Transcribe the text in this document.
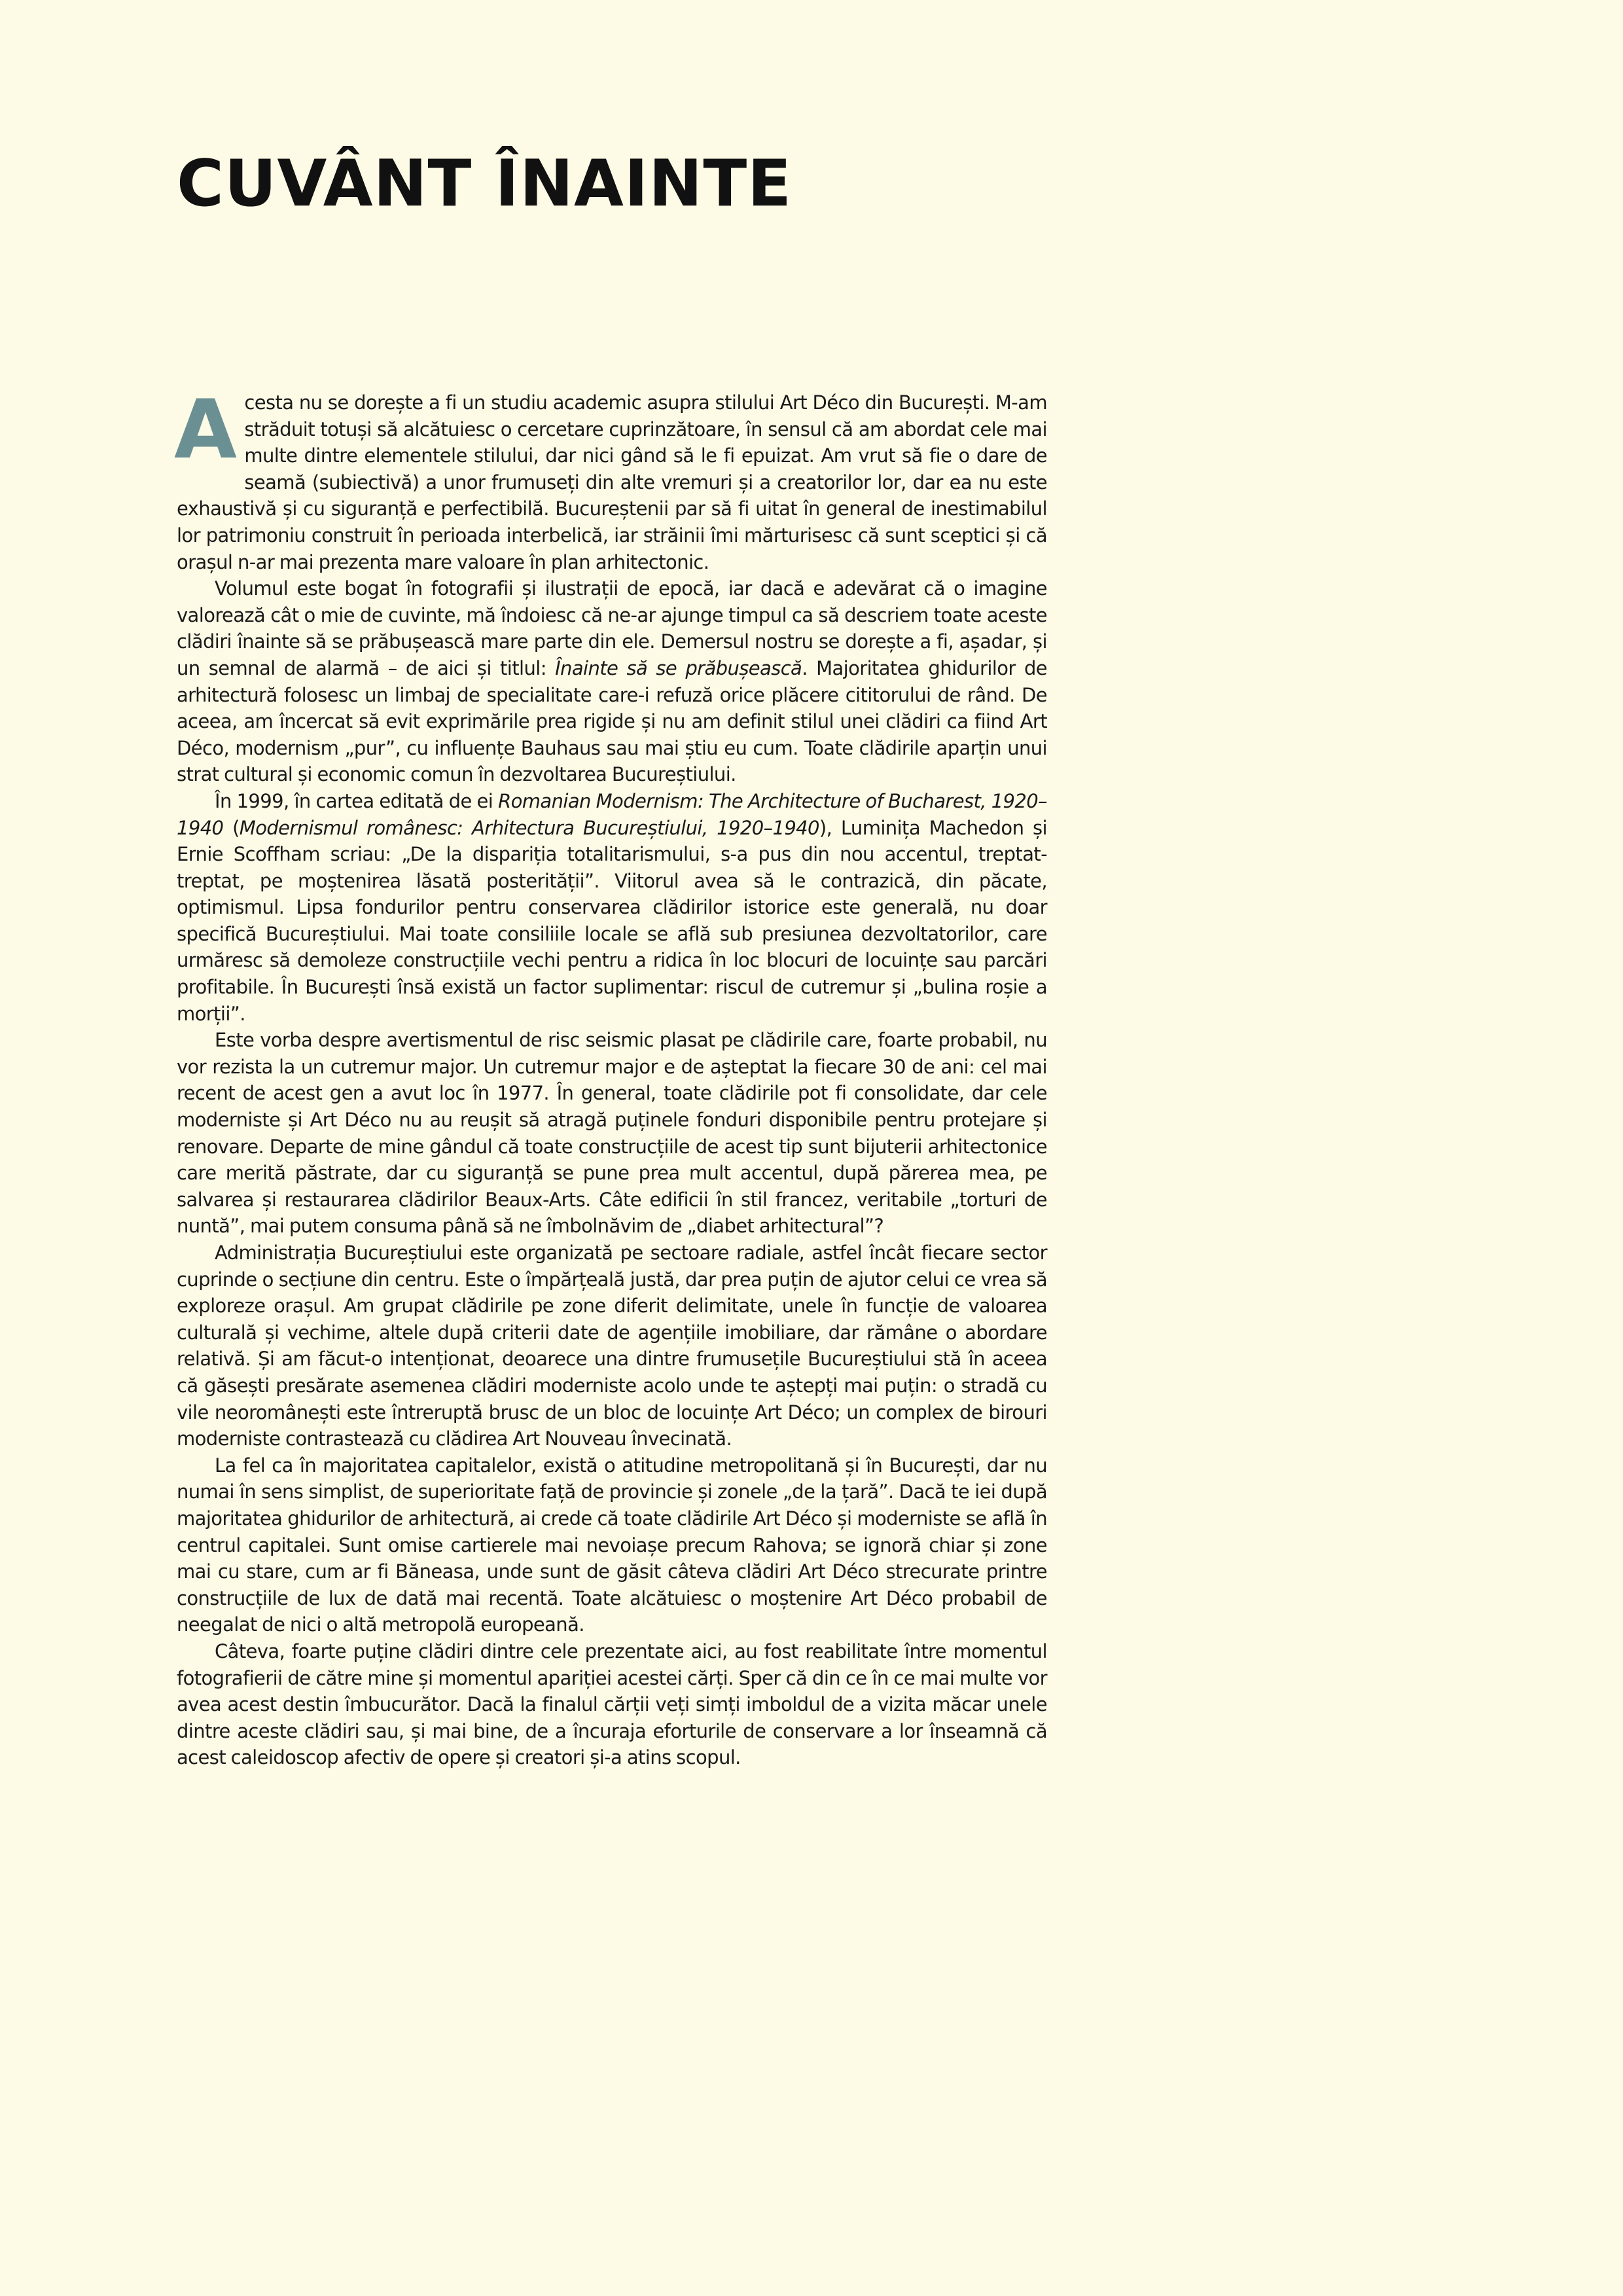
CUVÂNT ÎNAINTE

Acesta nu se dorește a fi un studiu academic asupra stilului Art Déco din București. M-am străduit totuși să alcătuiesc o cercetare cuprinzătoare, în sensul că am abordat cele mai multe dintre elementele stilului, dar nici gând să le fi epuizat. Am vrut să fie o dare de seamă (subiectivă) a unor frumuseți din alte vremuri și a creatorilor lor, dar ea nu este exhaustivă și cu siguranță e perfectibilă. Bucureștenii par să fi uitat în general de inestimabilul lor patrimoniu construit în perioada interbelică, iar străinii îmi mărturisesc că sunt sceptici și că orașul n-ar mai prezenta mare valoare în plan arhitectonic.

Volumul este bogat în fotografii și ilustrații de epocă, iar dacă e adevărat că o imagine valorează cât o mie de cuvinte, mă îndoiesc că ne-ar ajunge timpul ca să descriem toate aceste clădiri înainte să se prăbușească mare parte din ele. Demersul nostru se dorește a fi, așadar, și un semnal de alarmă – de aici și titlul: Înainte să se prăbușească. Majoritatea ghidurilor de arhitectură folosesc un limbaj de specialitate care-i refuză orice plăcere cititorului de rând. De aceea, am încercat să evit exprimările prea rigide și nu am definit stilul unei clădiri ca fiind Art Déco, modernism „pur”, cu influențe Bauhaus sau mai știu eu cum. Toate clădirile aparțin unui strat cultural și economic comun în dezvoltarea Bucureștiului.

În 1999, în cartea editată de ei Romanian Modernism: The Architecture of Bucharest, 1920–1940 (Modernismul românesc: Arhitectura Bucureștiului, 1920–1940), Luminița Machedon și Ernie Scoffham scriau: „De la dispariția totalitarismului, s-a pus din nou accentul, treptat-treptat, pe moștenirea lăsată posterității”. Viitorul avea să le contrazică, din păcate, optimismul. Lipsa fondurilor pentru conservarea clădirilor istorice este generală, nu doar specifică Bucureștiului. Mai toate consiliile locale se află sub presiunea dezvoltatorilor, care urmăresc să demoleze construcțiile vechi pentru a ridica în loc blocuri de locuințe sau parcări profitabile. În București însă există un factor suplimentar: riscul de cutremur și „bulina roșie a morții”.

Este vorba despre avertismentul de risc seismic plasat pe clădirile care, foarte probabil, nu vor rezista la un cutremur major. Un cutremur major e de așteptat la fiecare 30 de ani: cel mai recent de acest gen a avut loc în 1977. În general, toate clădirile pot fi consolidate, dar cele moderniste și Art Déco nu au reușit să atragă puținele fonduri disponibile pentru protejare și renovare. Departe de mine gândul că toate construcțiile de acest tip sunt bijuterii arhitectonice care merită păstrate, dar cu siguranță se pune prea mult accentul, după părerea mea, pe salvarea și restaurarea clădirilor Beaux-Arts. Câte edificii în stil francez, veritabile „torturi de nuntă”, mai putem consuma până să ne îmbolnăvim de „diabet arhitectural”?

Administrația Bucureștiului este organizată pe sectoare radiale, astfel încât fiecare sector cuprinde o secțiune din centru. Este o împărțeală justă, dar prea puțin de ajutor celui ce vrea să exploreze orașul. Am grupat clădirile pe zone diferit delimitate, unele în funcție de valoarea culturală și vechime, altele după criterii date de agențiile imobiliare, dar rămâne o abordare relativă. Și am făcut-o intenționat, deoarece una dintre frumusețile Bucureștiului stă în aceea că găsești presărate asemenea clădiri moderniste acolo unde te aștepți mai puțin: o stradă cu vile neoromânești este întreruptă brusc de un bloc de locuințe Art Déco; un complex de birouri moderniste contrastează cu clădirea Art Nouveau învecinată.

La fel ca în majoritatea capitalelor, există o atitudine metropolitană și în București, dar nu numai în sens simplist, de superioritate față de provincie și zonele „de la țară”. Dacă te iei după majoritatea ghidurilor de arhitectură, ai crede că toate clădirile Art Déco și moderniste se află în centrul capitalei. Sunt omise cartierele mai nevoiașe precum Rahova; se ignoră chiar și zone mai cu stare, cum ar fi Băneasa, unde sunt de găsit câteva clădiri Art Déco strecurate printre construcțiile de lux de dată mai recentă. Toate alcătuiesc o moștenire Art Déco probabil de neegalat de nici o altă metropolă europeană.

Câteva, foarte puține clădiri dintre cele prezentate aici, au fost reabilitate între momentul fotografierii de către mine și momentul apariției acestei cărți. Sper că din ce în ce mai multe vor avea acest destin îmbucurător. Dacă la finalul cărții veți simți imboldul de a vizita măcar unele dintre aceste clădiri sau, și mai bine, de a încuraja eforturile de conservare a lor înseamnă că acest caleidoscop afectiv de opere și creatori și-a atins scopul.
